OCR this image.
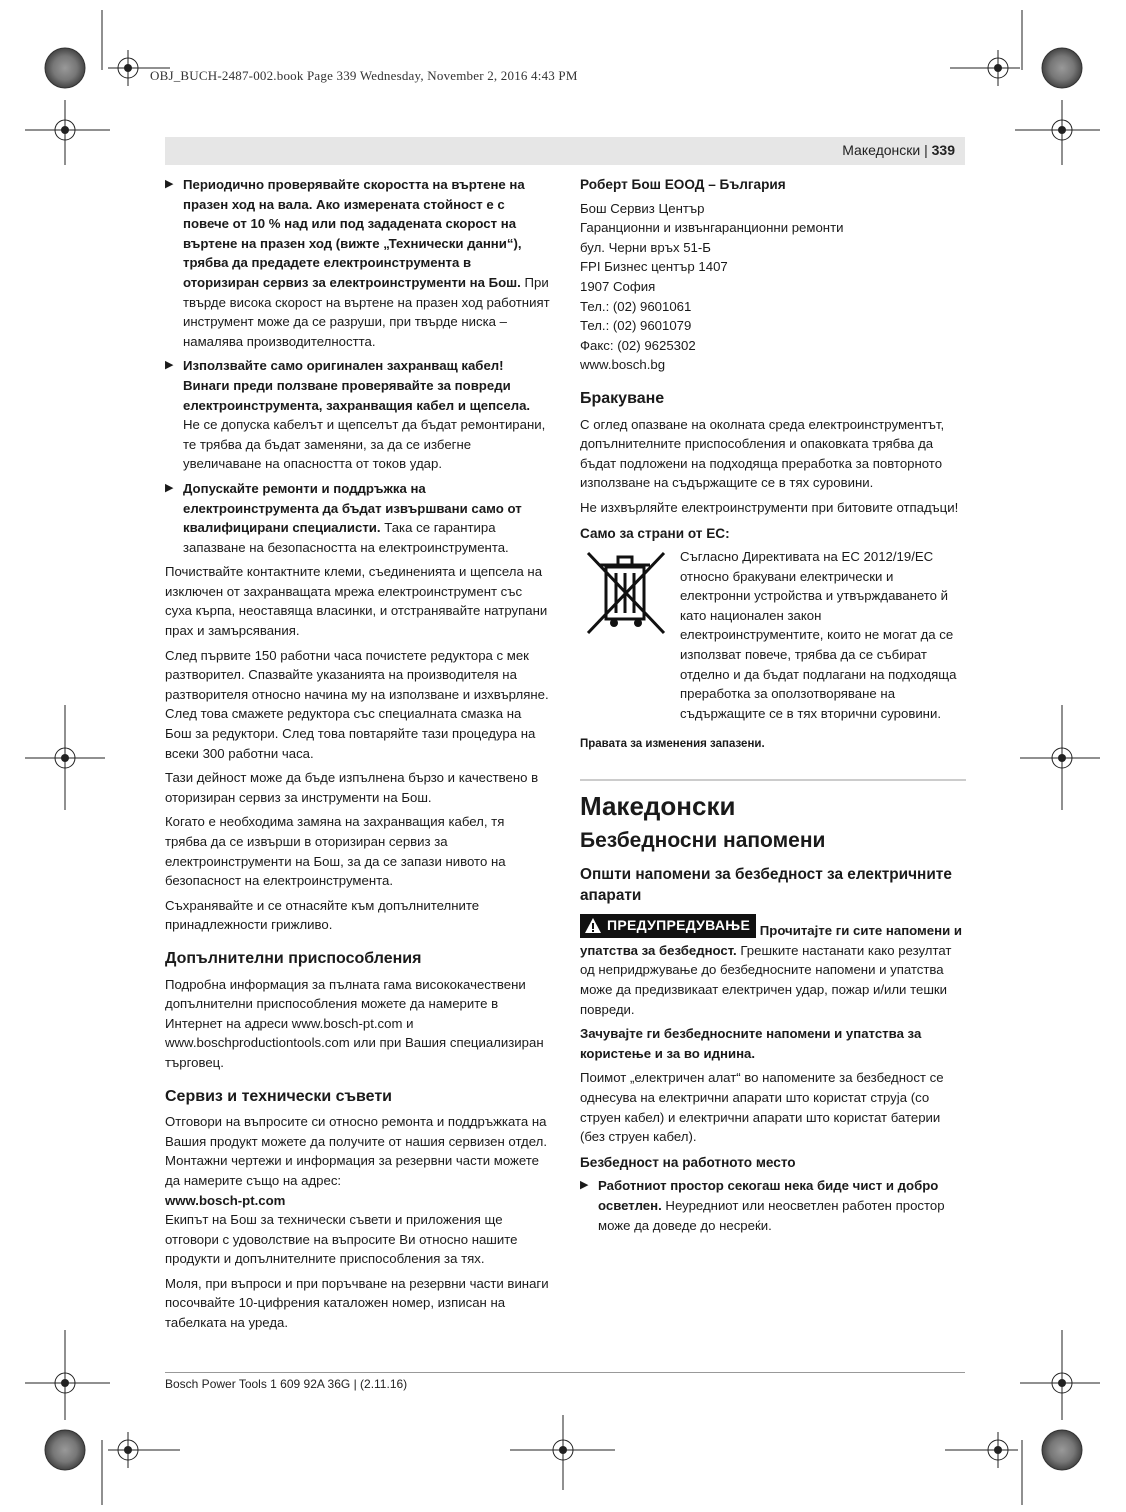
OBJ_BUCH-2487-002.book Page 339 Wednesday, November 2, 2016 4:43 PM
Македонски | 339
▶ Периодично проверявайте скоростта на въртене на празен ход на вала. Ако измерената стойност е с повече от 10 % над или под зададената скорост на въртене на празен ход (вижте „Технически данни“), трябва да предадете електроинструмента в оторизиран сервиз за електроинструменти на Бош. При твърде висока скорост на въртене на празен ход работният инструмент може да се разруши, при твърде ниска – намалява производителността.
▶ Използвайте само оригинален захранващ кабел! Винаги преди ползване проверявайте за повреди електроинструмента, захранващия кабел и щепсела. Не се допуска кабелът и щепселът да бъдат ремонтирани, те трябва да бъдат заменяни, за да се избегне увеличаване на опасността от токов удар.
▶ Допускайте ремонти и поддръжка на електроинструмента да бъдат извършвани само от квалифицирани специалисти. Така се гарантира запазване на безопасността на електроинструмента.

Почиствайте контактните клеми, съединенията и щепсела на изключен от захранващата мрежа електроинструмент със суха кърпа, неоставяща власинки, и отстранявайте натрупани прах и замърсявания.

След първите 150 работни часа почистете редуктора с мек разтворител. Спазвайте указанията на производителя на разтворителя относно начина му на използване и изхвърляне. След това смажете редуктора със специалната смазка на Бош за редуктори. След това повтаряйте тази процедура на всеки 300 работни часа.

Тази дейност може да бъде изпълнена бързо и качествено в оторизиран сервиз за инструменти на Бош.

Когато е необходима замяна на захранващия кабел, тя трябва да се извърши в оторизиран сервиз за електроинструменти на Бош, за да се запази нивото на безопасност на електроинструмента.

Съхранявайте и се отнасяйте към допълнителните принадлежности грижливо.

Допълнителни приспособления

Подробна информация за пълната гама висококачествени допълнителни приспособления можете да намерите в Интернет на адреси www.bosch-pt.com и www.boschproductiontools.com или при Вашия специализиран търговец.

Сервиз и технически съвети

Отговори на въпросите си относно ремонта и поддръжката на Вашия продукт можете да получите от нашия сервизен отдел. Монтажни чертежи и информация за резервни части можете да намерите също на адрес:

www.bosch-pt.com

Екипът на Бош за технически съвети и приложения ще отговори с удоволствие на въпросите Ви относно нашите продукти и допълнителните приспособления за тях.

Моля, при въпроси и при поръчване на резервни части винаги посочвайте 10-цифрения каталожен номер, изписан на табелката на уреда.

Роберт Бош ЕООД – България

Бош Сервиз Център

Гаранционни и извънгаранционни ремонти

бул. Черни връх 51-Б

FPI Бизнес център 1407

1907 София

Тел.: (02) 9601061

Тел.: (02) 9601079

Факс: (02) 9625302

www.bosch.bg

Бракуване

С оглед опазване на околната среда електроинструментът, допълнителните приспособления и опаковката трябва да бъдат подложени на подходяща преработка за повторното използване на съдържащите се в тях суровини.

Не изхвърляйте електроинструменти при битовите отпадъци!

Само за страни от ЕС:

Съгласно Директивата на ЕС 2012/19/ЕС относно бракувани електрически и електронни устройства и утвърждаването й като национален закон електроинструментите, които не могат да се използват повече, трябва да се събират отделно и да бъдат подлагани на подходяща преработка за оползотворяване на съдържащите се в тях вторични суровини.

Правата за изменения запазени.
Македонски
Безбедносни напомени
Општи напомени за безбедност за електричните апарати

ПРЕДУПРЕДУВАЊЕ Прочитајте ги сите напомени и упатства за безбедност. Грешките настанати како резултат од непридржување до безбедносните напомени и упатства може да предизвикаат електричен удар, пожар и/или тешки повреди.

Зачувајте ги безбедносните напомени и упатства за користење и за во иднина.

Поимот „електричен алат“ во напомените за безбедност се однесува на електрични апарати што користат струја (со струен кабел) и електрични апарати што користат батерии (без струен кабел).

Безбедност на работното место
▶ Работниот простор секогаш нека биде чист и добро осветлен. Неуредниот или неосветлен работен простор може да доведе до несреќи.
Bosch Power Tools 1 609 92A 36G | (2.11.16)
